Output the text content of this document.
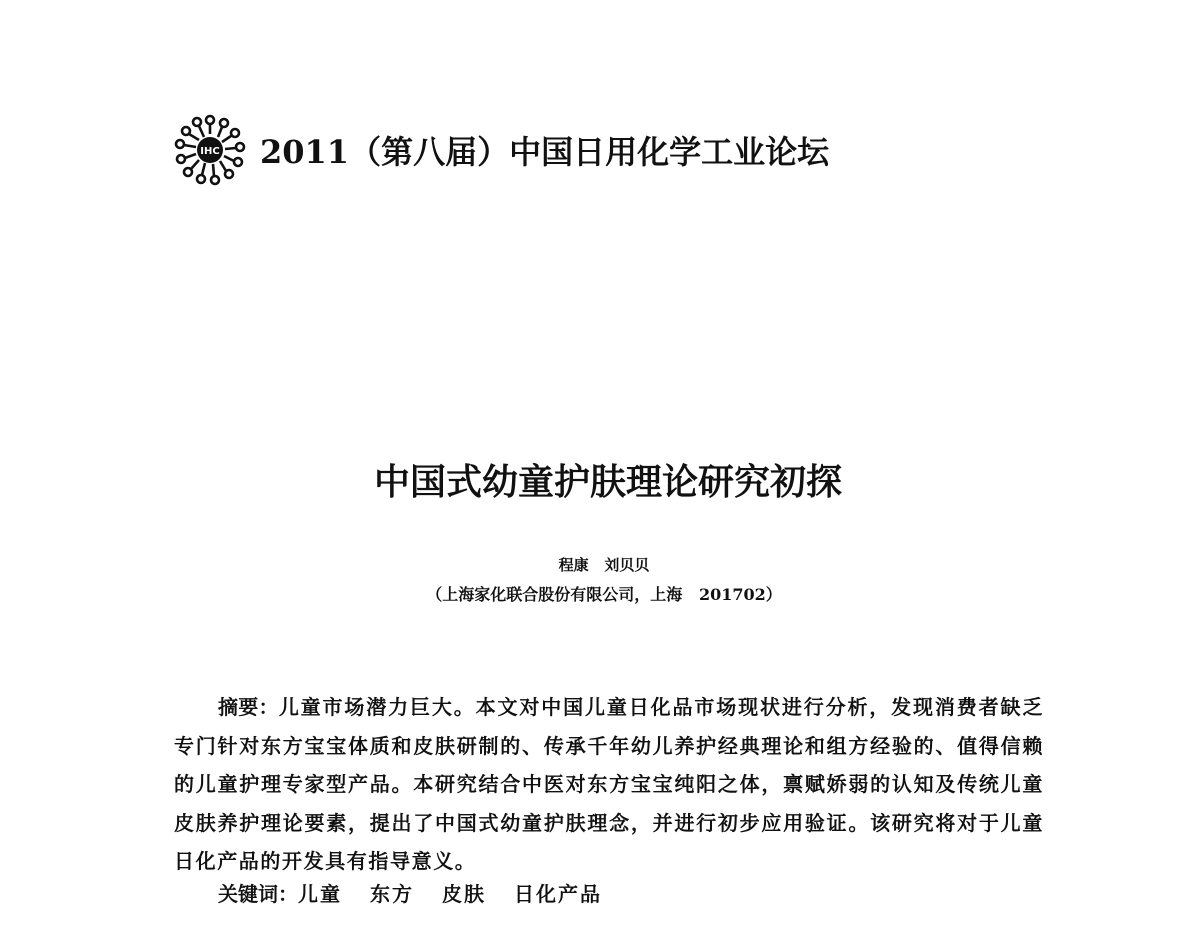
IHC 2011（第八届）中国日用化学工业论坛
中国式幼童护肤理论研究初探
程康   刘贝贝
（上海家化联合股份有限公司，上海   201702）
摘要：儿童市场潜力巨大。本文对中国儿童日化品市场现状进行分析，发现消费者缺乏专门针对东方宝宝体质和皮肤研制的、传承千年幼儿养护经典理论和组方经验的、值得信赖的儿童护理专家型产品。本研究结合中医对东方宝宝纯阳之体，禀赋娇弱的认知及传统儿童皮肤养护理论要素，提出了中国式幼童护肤理念，并进行初步应用验证。该研究将对于儿童日化产品的开发具有指导意义。
关键词：儿童 东方 皮肤 日化产品
